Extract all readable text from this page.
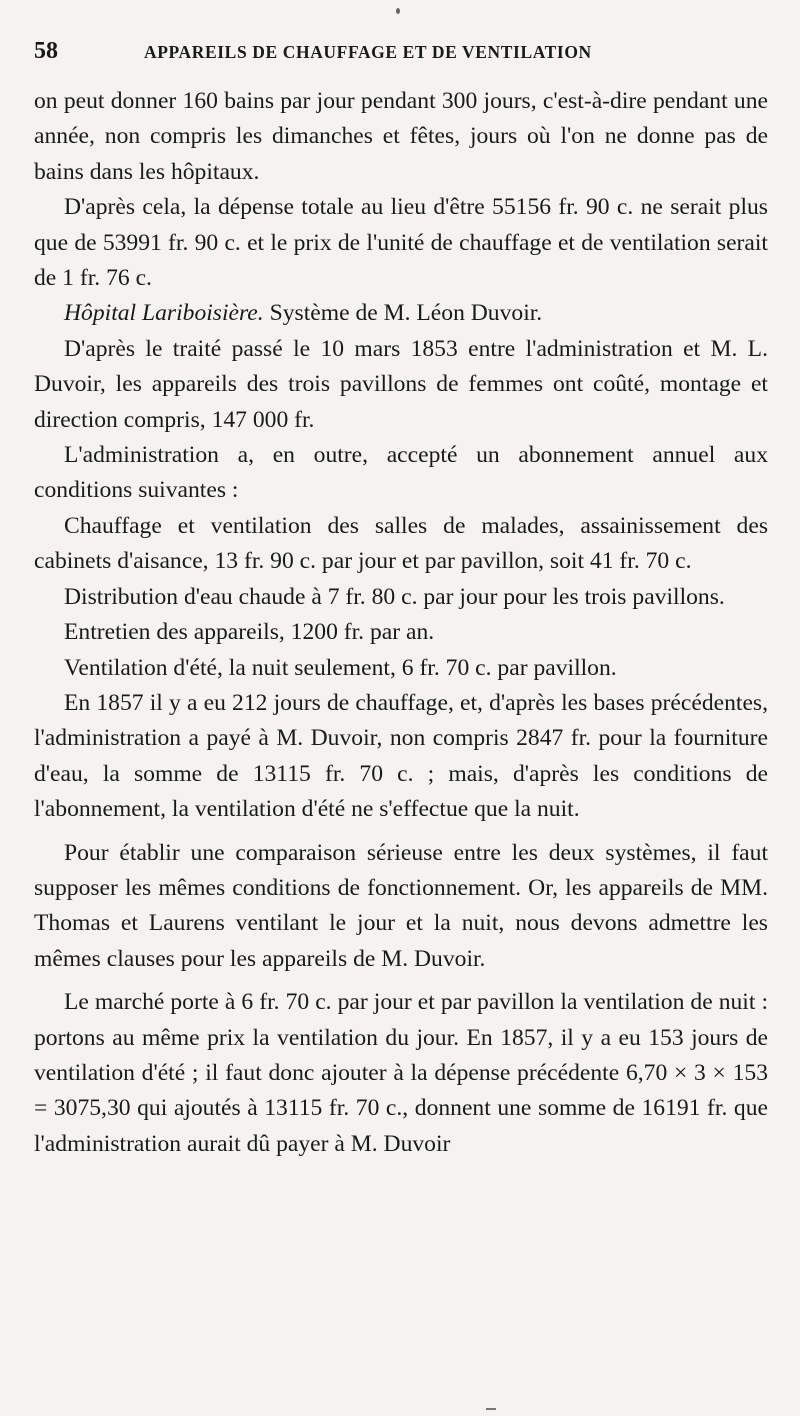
58	APPAREILS DE CHAUFFAGE ET DE VENTILATION

on peut donner 160 bains par jour pendant 300 jours, c'est-à-dire pendant une année, non compris les dimanches et fêtes, jours où l'on ne donne pas de bains dans les hôpitaux.

D'après cela, la dépense totale au lieu d'être 55156 fr. 90 c. ne serait plus que de 53991 fr. 90 c. et le prix de l'unité de chauffage et de ventilation serait de 1 fr. 76 c.

Hôpital Lariboisière. Système de M. Léon Duvoir.

D'après le traité passé le 10 mars 1853 entre l'administration et M. L. Duvoir, les appareils des trois pavillons de femmes ont coûté, montage et direction compris, 147 000 fr.

L'administration a, en outre, accepté un abonnement annuel aux conditions suivantes :

Chauffage et ventilation des salles de malades, assainissement des cabinets d'aisance, 13 fr. 90 c. par jour et par pavillon, soit 41 fr. 70 c.

Distribution d'eau chaude à 7 fr. 80 c. par jour pour les trois pavillons.

Entretien des appareils, 1200 fr. par an.

Ventilation d'été, la nuit seulement, 6 fr. 70 c. par pavillon.

En 1857 il y a eu 212 jours de chauffage, et, d'après les bases précédentes, l'administration a payé à M. Duvoir, non compris 2847 fr. pour la fourniture d'eau, la somme de 13115 fr. 70 c. ; mais, d'après les conditions de l'abonnement, la ventilation d'été ne s'effectue que la nuit.

Pour établir une comparaison sérieuse entre les deux systèmes, il faut supposer les mêmes conditions de fonctionnement. Or, les appareils de MM. Thomas et Laurens ventilant le jour et la nuit, nous devons admettre les mêmes clauses pour les appareils de M. Duvoir.

Le marché porte à 6 fr. 70 c. par jour et par pavillon la ventilation de nuit : portons au même prix la ventilation du jour. En 1857, il y a eu 153 jours de ventilation d'été ; il faut donc ajouter à la dépense précédente 6,70 × 3 × 153 = 3075,30 qui ajoutés à 13115 fr. 70 c., donnent une somme de 16191 fr. que l'administration aurait dû payer à M. Duvoir
